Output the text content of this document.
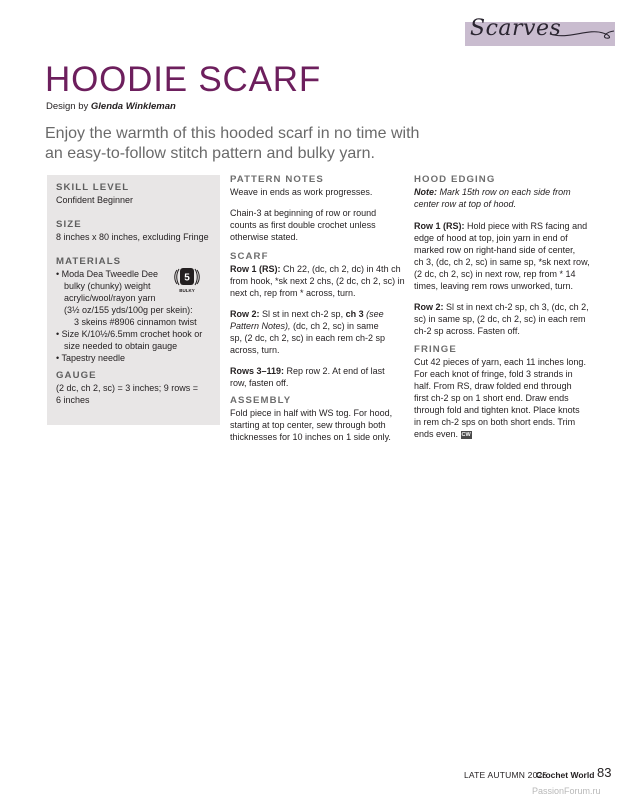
Scarves
HOODIE SCARF
Design by Glenda Winkleman
Enjoy the warmth of this hooded scarf in no time with
an easy-to-follow stitch pattern and bulky yarn.

SKILL LEVEL

Confident Beginner

SIZE

8 inches x 80 inches, excluding Fringe

MATERIALS

• Moda Dea Tweedle Dee

bulky (chunky) weight

acrylic/wool/rayon yarn

(3½ oz/155 yds/100g per skein):

3 skeins #8906 cinnamon twist

• Size K/10½/6.5mm crochet hook or

size needed to obtain gauge

• Tapestry needle

GAUGE

(2 dc, ch 2, sc) = 3 inches; 9 rows =

6 inches

5
BULKY

PATTERN NOTES

Weave in ends as work progresses.

Chain-3 at beginning of row or round

counts as first double crochet unless

otherwise stated.

SCARF

Row 1 (RS): Ch 22, (dc, ch 2, dc) in 4th ch

from hook, *sk next 2 chs, (2 dc, ch 2, sc) in

next ch, rep from * across, turn.

Row 2: Sl st in next ch-2 sp, ch 3 (see

Pattern Notes), (dc, ch 2, sc) in same

sp, (2 dc, ch 2, sc) in each rem ch-2 sp

across, turn.

Rows 3–119: Rep row 2. At end of last

row, fasten off.

ASSEMBLY

Fold piece in half with WS tog. For hood,

starting at top center, sew through both

thicknesses for 10 inches on 1 side only.

HOOD EDGING

Note: Mark 15th row on each side from

center row at top of hood.

Row 1 (RS): Hold piece with RS facing and

edge of hood at top, join yarn in end of

marked row on right-hand side of center,

ch 3, (dc, ch 2, sc) in same sp, *sk next row,

(2 dc, ch 2, sc) in next row, rep from * 14

times, leaving rem rows unworked, turn.

Row 2: Sl st in next ch-2 sp, ch 3, (dc, ch 2,

sc) in same sp, (2 dc, ch 2, sc) in each rem

ch-2 sp across. Fasten off.

FRINGE

Cut 42 pieces of yarn, each 11 inches long.

For each knot of fringe, fold 3 strands in

half. From RS, draw folded end through

first ch-2 sp on 1 short end. Draw ends

through fold and tighten knot. Place knots

in rem ch-2 sps on both short ends. Trim

ends even. CW

LATE AUTUMN 2025
Crochet World 83
PassionForum.ru
